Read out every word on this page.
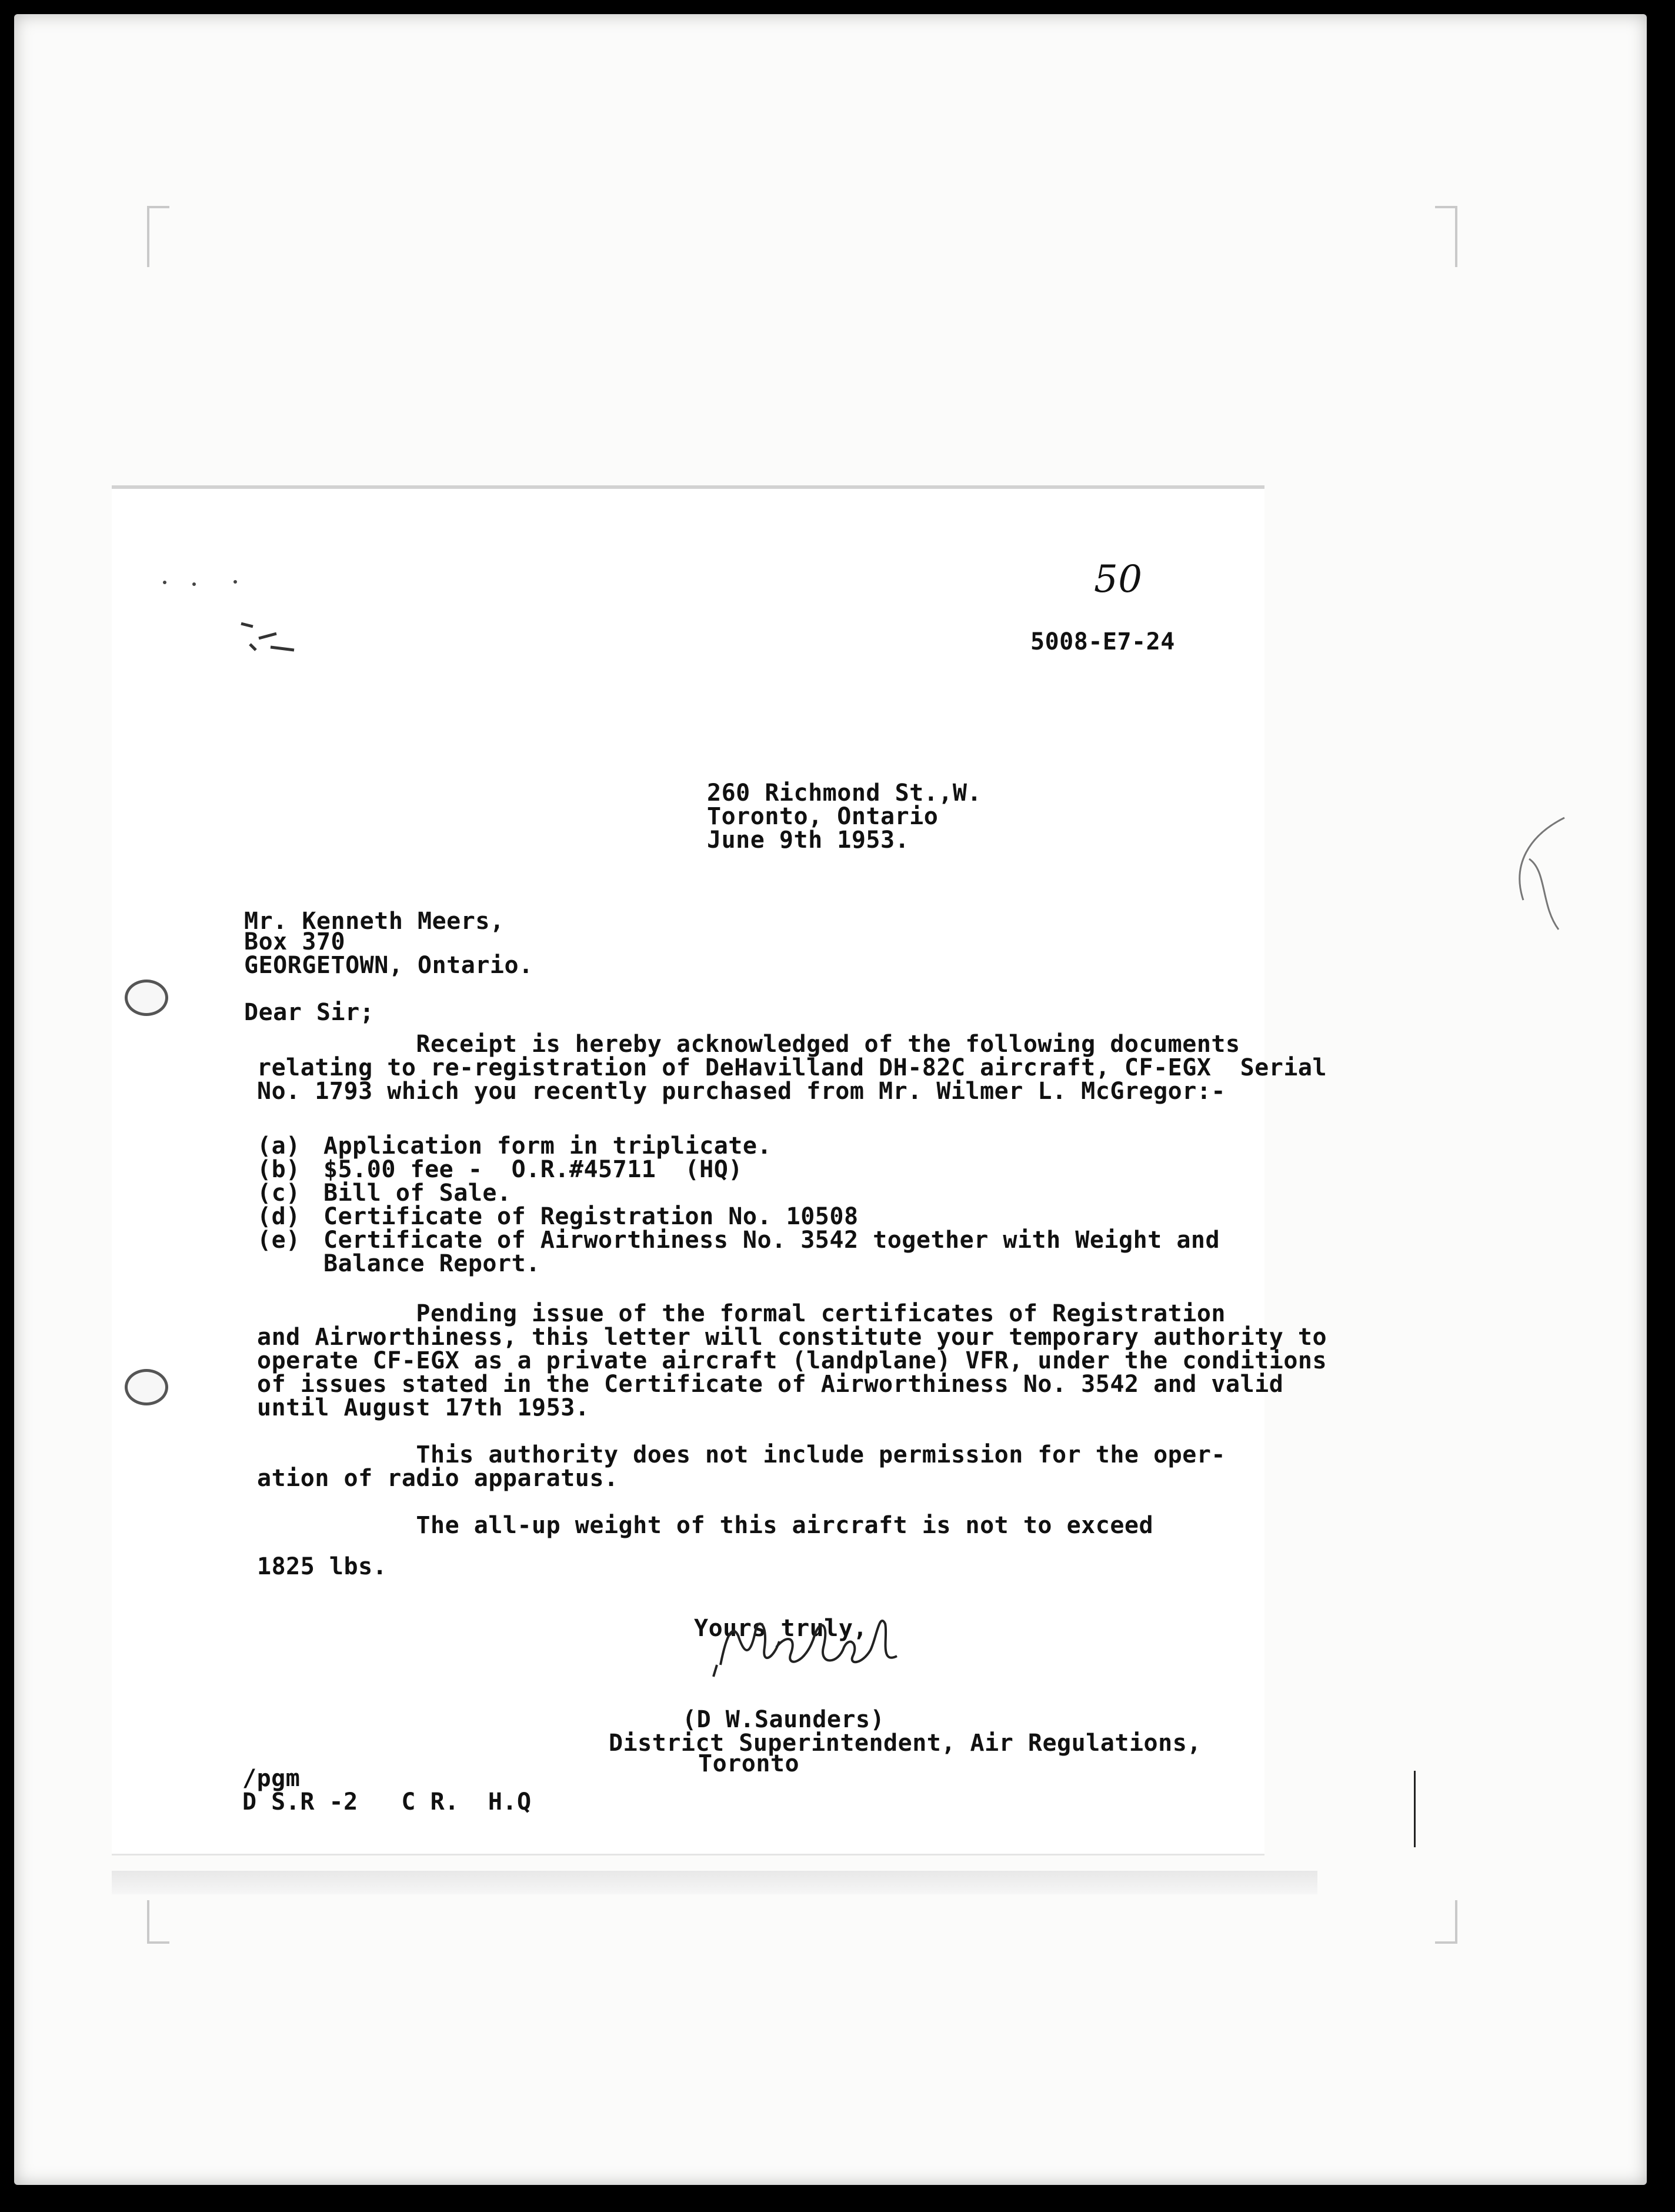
50
5008-E7-24
260 Richmond St.,W.
Toronto, Ontario
June 9th 1953.
Mr. Kenneth Meers,
Box 370
GEORGETOWN, Ontario.
Dear Sir;
Receipt is hereby acknowledged of the following documents
relating to re-registration of DeHavilland DH-82C aircraft, CF-EGX  Serial
No. 1793 which you recently purchased from Mr. Wilmer L. McGregor:-
(a) Application form in triplicate.
(b) $5.00 fee -  O.R.#45711  (HQ)
(c) Bill of Sale.
(d) Certificate of Registration No. 10508
(e) Certificate of Airworthiness No. 3542 together with Weight and
Balance Report.
Pending issue of the formal certificates of Registration
and Airworthiness, this letter will constitute your temporary authority to
operate CF-EGX as a private aircraft (landplane) VFR, under the conditions
of issues stated in the Certificate of Airworthiness No. 3542 and valid
until August 17th 1953.
This authority does not include permission for the oper-
ation of radio apparatus.
The all-up weight of this aircraft is not to exceed
1825 lbs.
Yours truly,
(D W.Saunders)
District Superintendent, Air Regulations,
Toronto
/pgm
D S.R -2   C R.  H.Q
